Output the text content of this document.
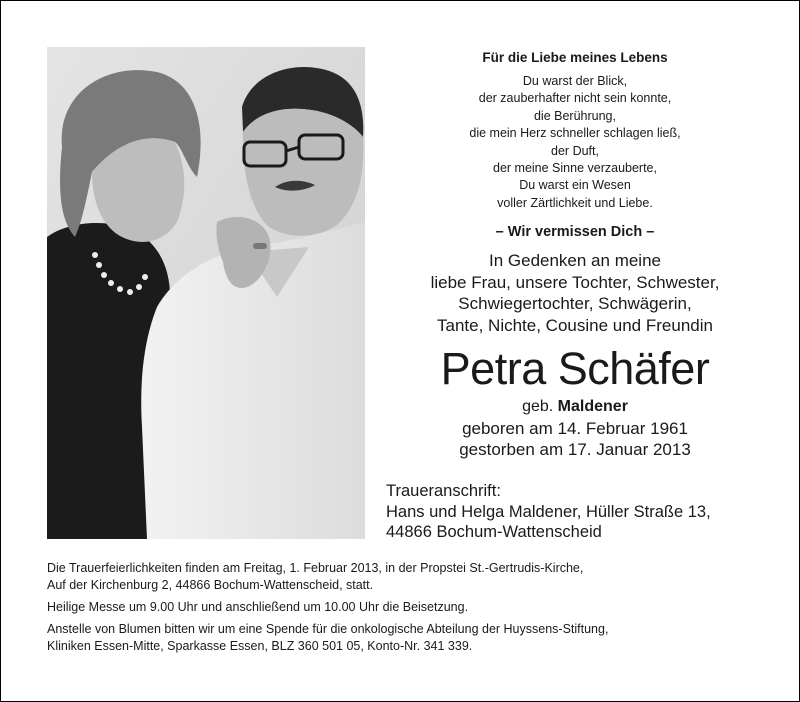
Für die Liebe meines Lebens
Du warst der Blick,
der zauberhafter nicht sein konnte,
die Berührung,
die mein Herz schneller schlagen ließ,
der Duft,
der meine Sinne verzauberte,
Du warst ein Wesen
voller Zärtlichkeit und Liebe.
– Wir vermissen Dich –
In Gedenken an meine
liebe Frau, unsere Tochter, Schwester,
Schwiegertochter, Schwägerin,
Tante, Nichte, Cousine und Freundin
Petra Schäfer
geb. Maldener
geboren am 14. Februar 1961
gestorben am 17. Januar 2013
Traueranschrift:
Hans und Helga Maldener, Hüller Straße 13,
44866 Bochum-Wattenscheid

Die Trauerfeierlichkeiten finden am Freitag, 1. Februar 2013, in der Propstei St.-Gertrudis-Kirche,
Auf der Kirchenburg 2, 44866 Bochum-Wattenscheid, statt.

Heilige Messe um 9.00 Uhr und anschließend um 10.00 Uhr die Beisetzung.

Anstelle von Blumen bitten wir um eine Spende für die onkologische Abteilung der Huyssens-Stiftung,
Kliniken Essen-Mitte, Sparkasse Essen, BLZ 360 501 05, Konto-Nr. 341 339.
